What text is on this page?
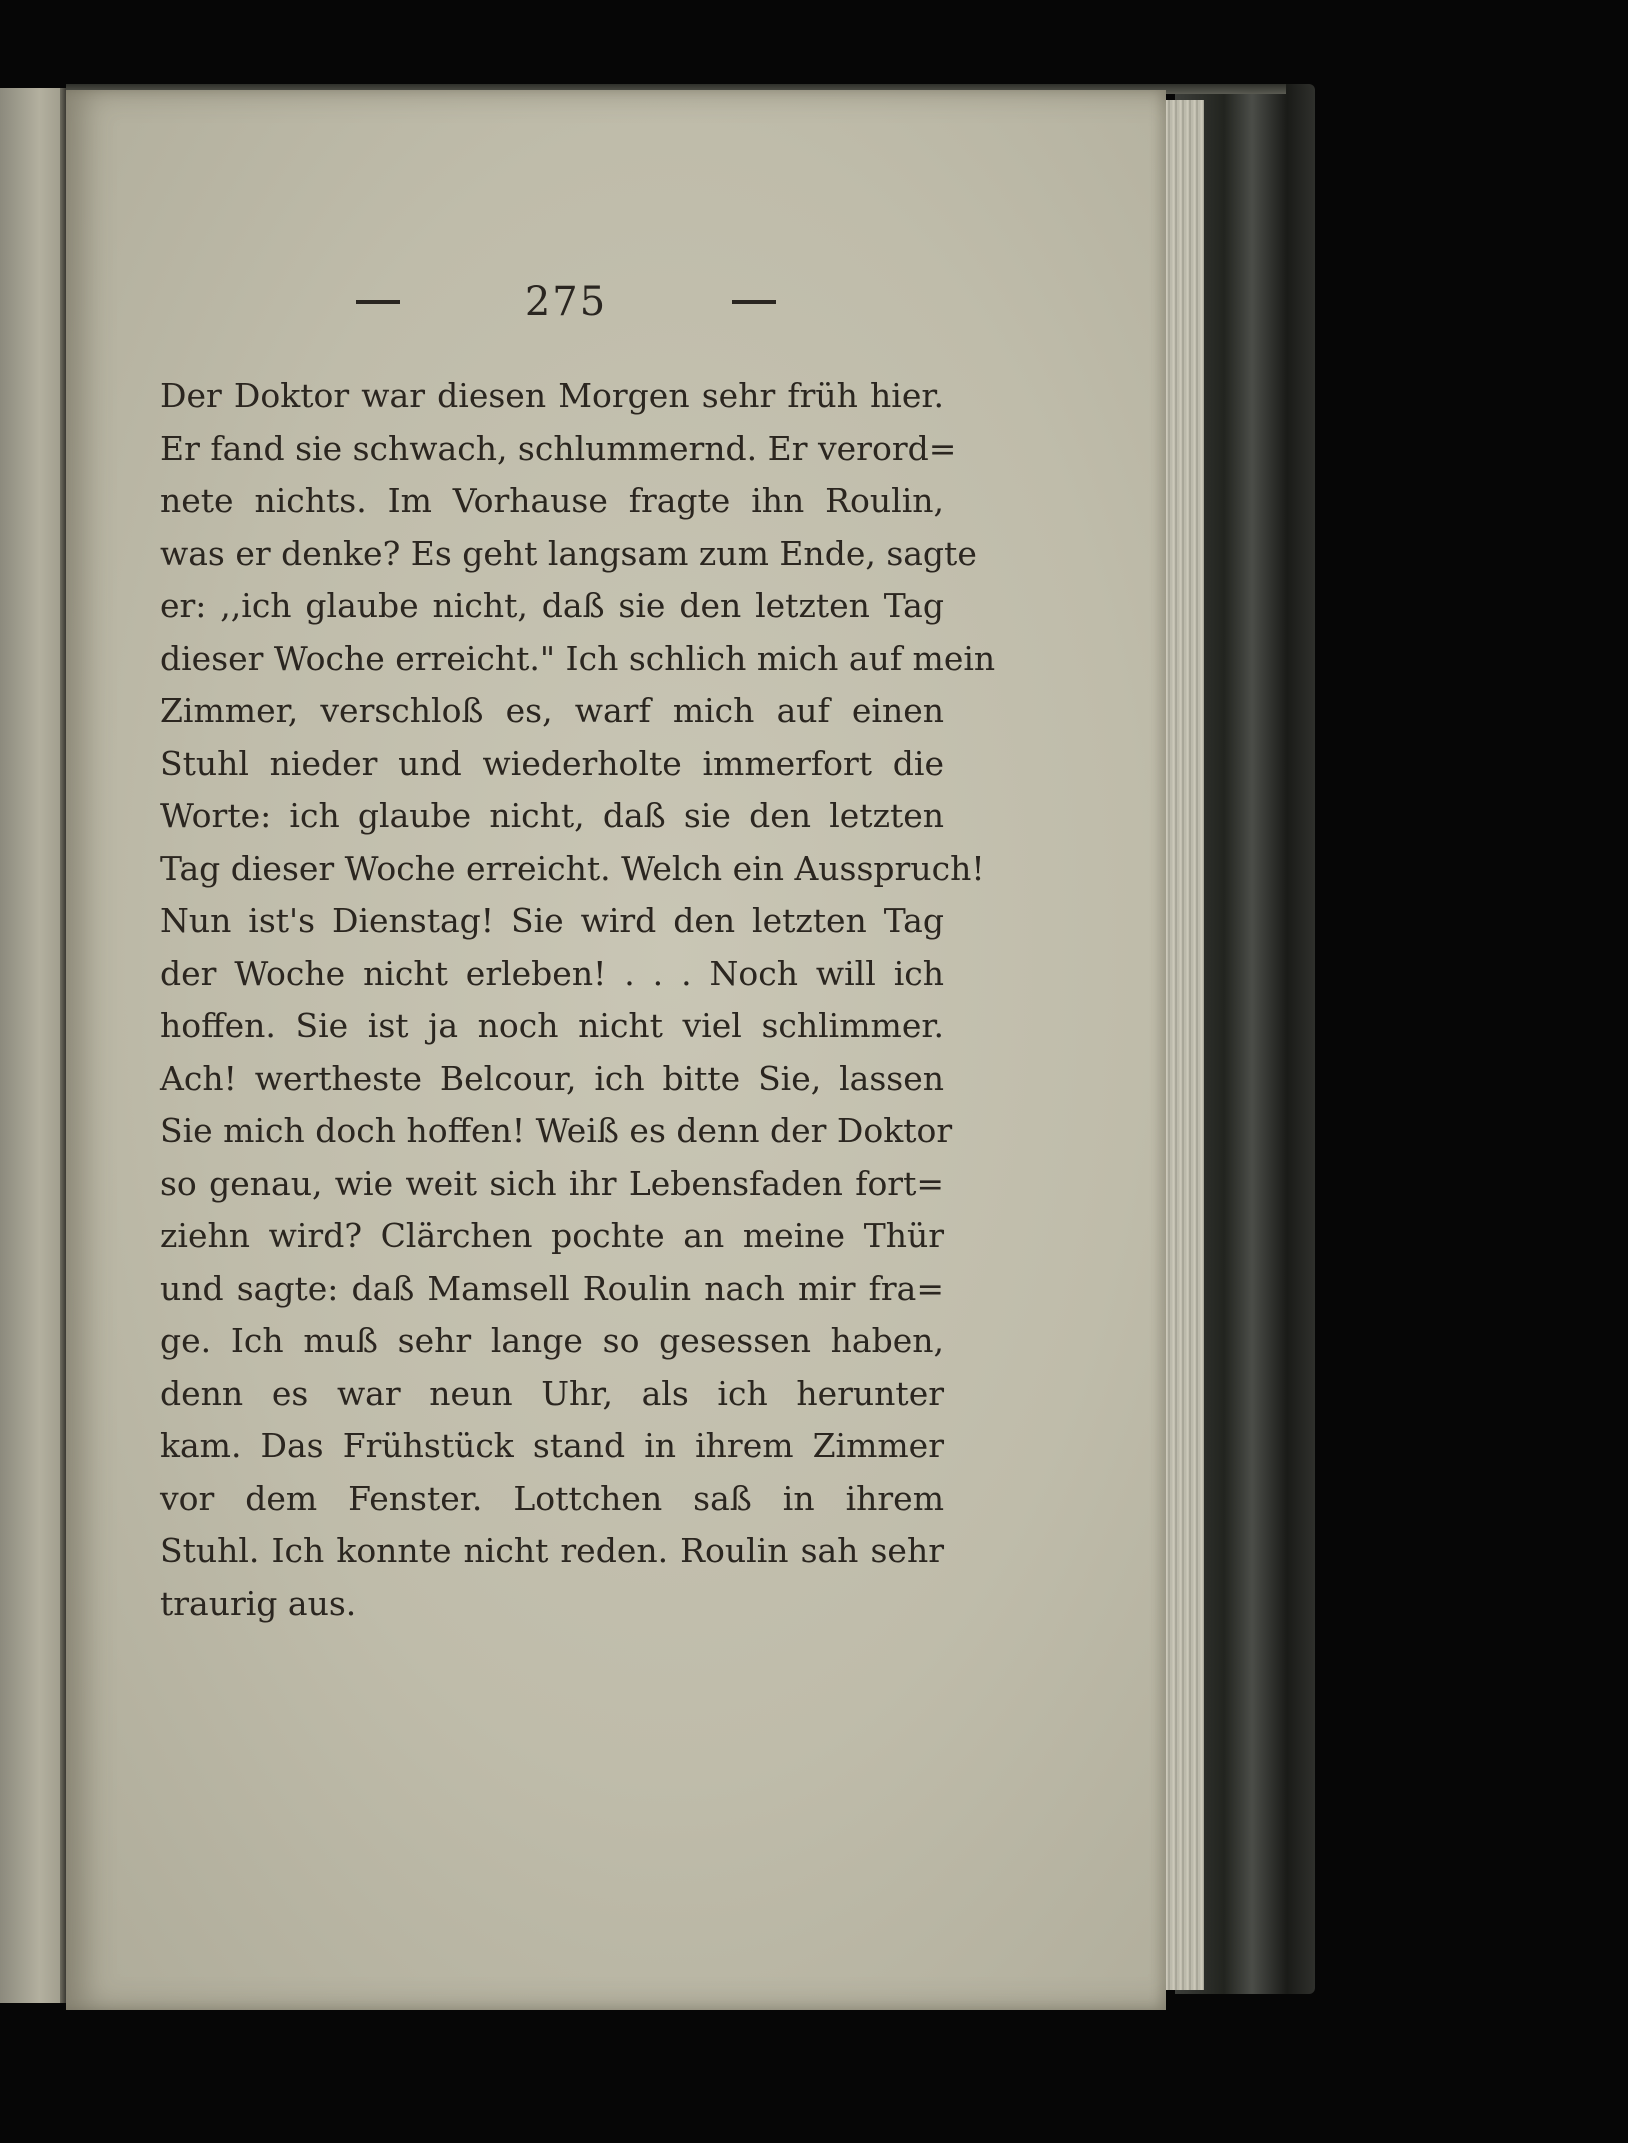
275
Der Doktor war diesen Morgen sehr früh hier.
Er fand sie schwach, schlummernd. Er verord=
nete nichts. Im Vorhause fragte ihn Roulin,
was er denke? Es geht langsam zum Ende, sagte
er: ,,ich glaube nicht, daß sie den letzten Tag
dieser Woche erreicht." Ich schlich mich auf mein
Zimmer, verschloß es, warf mich auf einen
Stuhl nieder und wiederholte immerfort die
Worte: ich glaube nicht, daß sie den letzten
Tag dieser Woche erreicht. Welch ein Ausspruch!
Nun ist's Dienstag! Sie wird den letzten Tag
der Woche nicht erleben! . . . Noch will ich
hoffen. Sie ist ja noch nicht viel schlimmer.
Ach! wertheste Belcour, ich bitte Sie, lassen
Sie mich doch hoffen! Weiß es denn der Doktor
so genau, wie weit sich ihr Lebensfaden fort=
ziehn wird? Clärchen pochte an meine Thür
und sagte: daß Mamsell Roulin nach mir fra=
ge. Ich muß sehr lange so gesessen haben,
denn es war neun Uhr, als ich herunter
kam. Das Frühstück stand in ihrem Zimmer
vor dem Fenster. Lottchen saß in ihrem
Stuhl. Ich konnte nicht reden. Roulin sah sehr
traurig aus.
